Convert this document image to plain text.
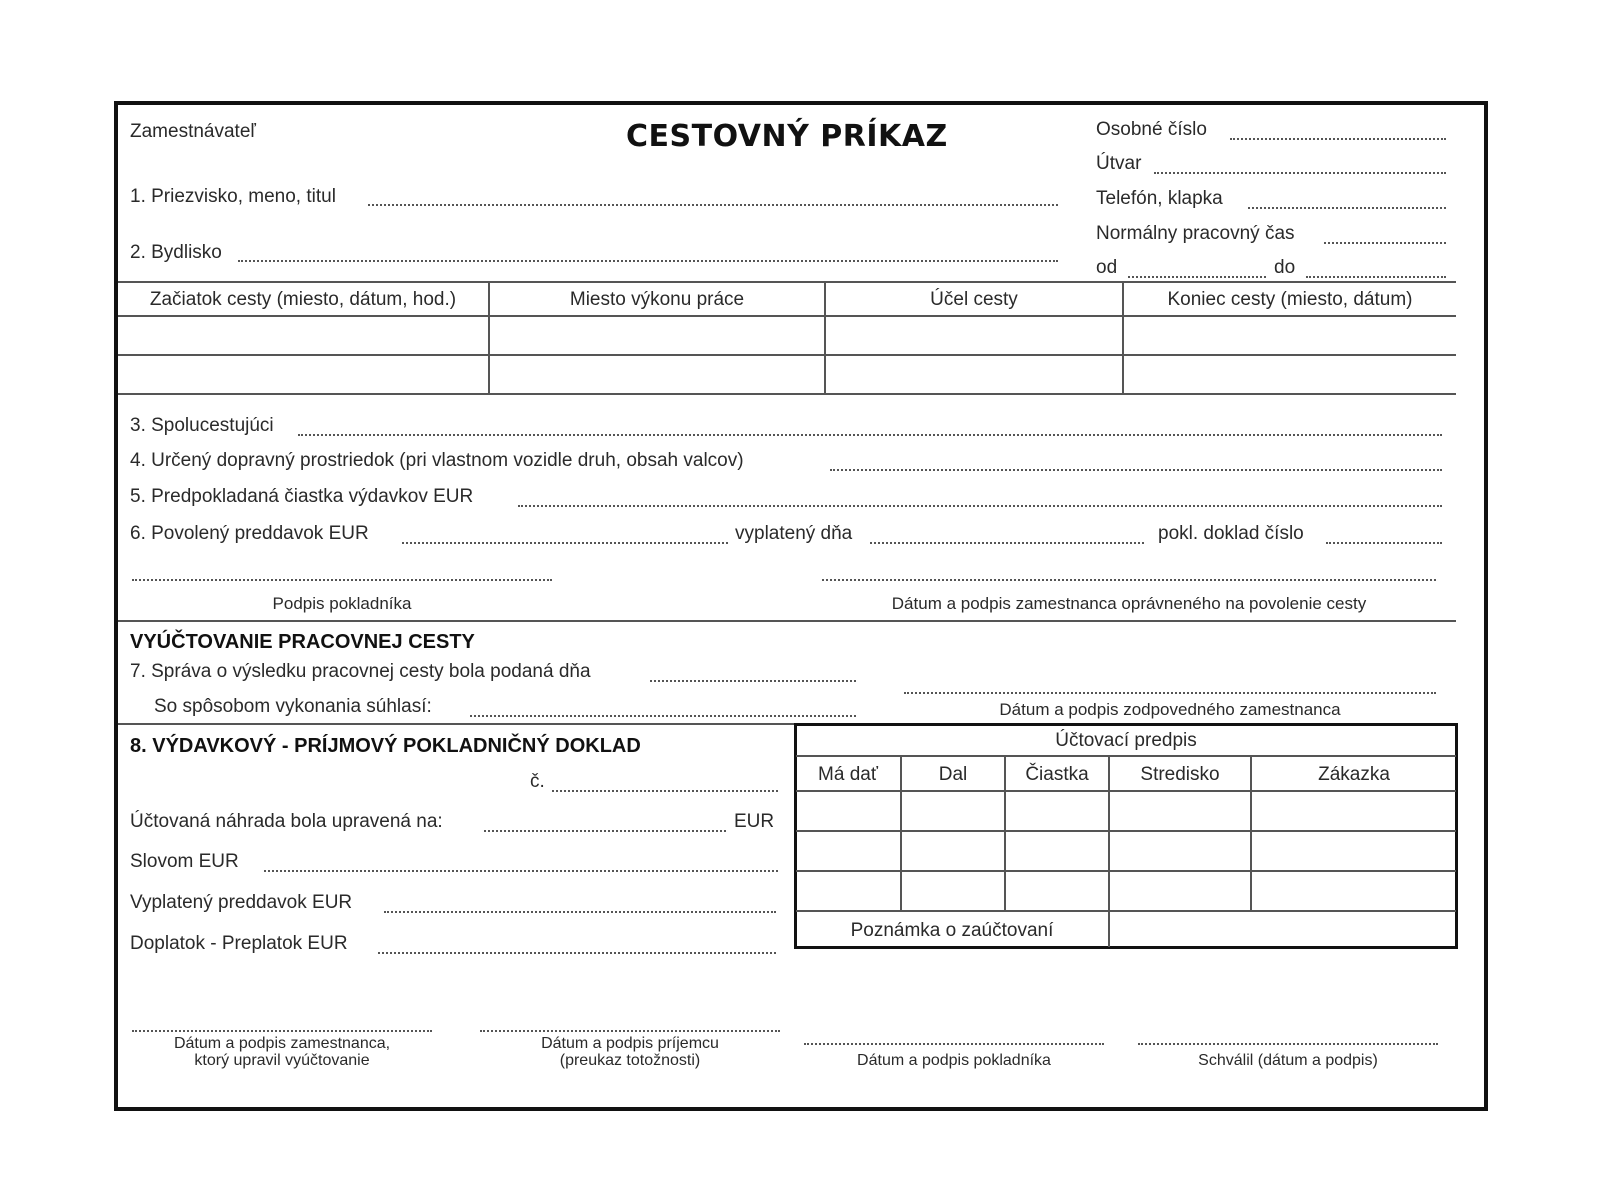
Zamestnávateľ	CESTOVNÝ PRÍKAZ
1. Priezvisko, meno, titul
2. Bydlisko
Osobné číslo
Útvar
Telefón, klapka
Normálny pracovný čas
od	do
Začiatok cesty (miesto, dátum, hod.)	Miesto výkonu práce	Účel cesty	Koniec cesty (miesto, dátum)
3. Spolucestujúci
4. Určený dopravný prostriedok (pri vlastnom vozidle druh, obsah valcov)
5. Predpokladaná čiastka výdavkov EUR
6. Povolený preddavok EUR	vyplatený dňa	pokl. doklad číslo
Podpis pokladníka	Dátum a podpis zamestnanca oprávneného na povolenie cesty
VYÚČTOVANIE PRACOVNEJ CESTY
7. Správa o výsledku pracovnej cesty bola podaná dňa
So spôsobom vykonania súhlasí:	Dátum a podpis zodpovedného zamestnanca
8. VÝDAVKOVÝ - PRÍJMOVÝ POKLADNIČNÝ DOKLAD
č.
Účtovaná náhrada bola upravená na:	EUR
Slovom EUR
Vyplatený preddavok EUR
Doplatok - Preplatok EUR
Účtovací predpis
Má dať	Dal	Čiastka	Stredisko	Zákazka
Poznámka o zaúčtovaní
Dátum a podpis zamestnanca,
ktorý upravil vyúčtovanie
Dátum a podpis príjemcu
(preukaz totožnosti)	Dátum a podpis pokladníka	Schválil (dátum a podpis)
